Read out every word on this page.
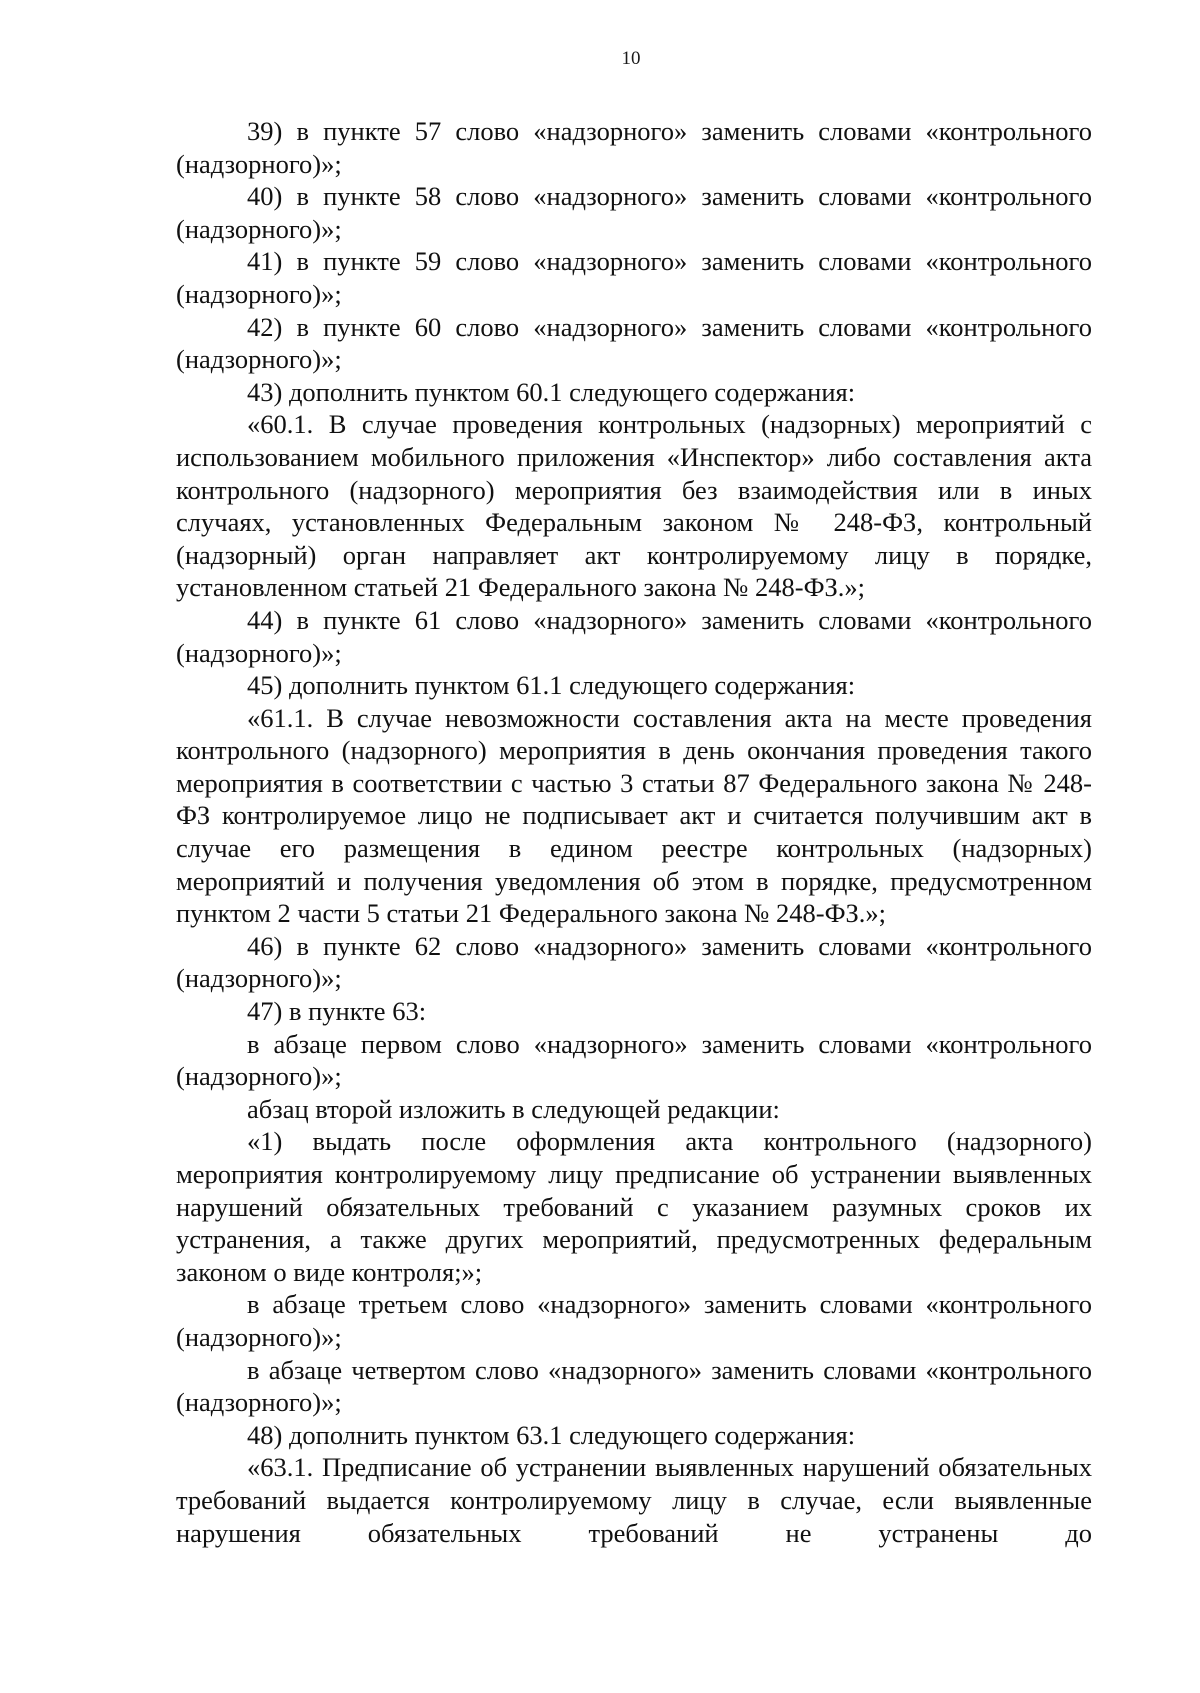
10

39) в пункте 57 слово «надзорного» заменить словами «контрольного (надзорного)»;

40) в пункте 58 слово «надзорного» заменить словами «контрольного (надзорного)»;

41) в пункте 59 слово «надзорного» заменить словами «контрольного (надзорного)»;

42) в пункте 60 слово «надзорного» заменить словами «контрольного (надзорного)»;

43) дополнить пунктом 60.1 следующего содержания:

«60.1. В случае проведения контрольных (надзорных) мероприятий с использованием мобильного приложения «Инспектор» либо составления акта контрольного (надзорного) мероприятия без взаимодействия или в иных случаях, установленных Федеральным законом № 248-ФЗ, контрольный (надзорный) орган направляет акт контролируемому лицу в порядке, установленном статьей 21 Федерального закона № 248-ФЗ.»;

44) в пункте 61 слово «надзорного» заменить словами «контрольного (надзорного)»;

45) дополнить пунктом 61.1 следующего содержания:

«61.1. В случае невозможности составления акта на месте проведения контрольного (надзорного) мероприятия в день окончания проведения такого мероприятия в соответствии с частью 3 статьи 87 Федерального закона № 248-ФЗ контролируемое лицо не подписывает акт и считается получившим акт в случае его размещения в едином реестре контрольных (надзорных) мероприятий и получения уведомления об этом в порядке, предусмотренном пунктом 2 части 5 статьи 21 Федерального закона № 248-ФЗ.»;

46) в пункте 62 слово «надзорного» заменить словами «контрольного (надзорного)»;

47) в пункте 63:

в абзаце первом слово «надзорного» заменить словами «контрольного (надзорного)»;

абзац второй изложить в следующей редакции:

«1) выдать после оформления акта контрольного (надзорного) мероприятия контролируемому лицу предписание об устранении выявленных нарушений обязательных требований с указанием разумных сроков их устранения, а также других мероприятий, предусмотренных федеральным законом о виде контроля;»;

в абзаце третьем слово «надзорного» заменить словами «контрольного (надзорного)»;

в абзаце четвертом слово «надзорного» заменить словами «контрольного (надзорного)»;

48) дополнить пунктом 63.1 следующего содержания:

«63.1. Предписание об устранении выявленных нарушений обязательных требований выдается контролируемому лицу в случае, если выявленные нарушения обязательных требований не устранены до
